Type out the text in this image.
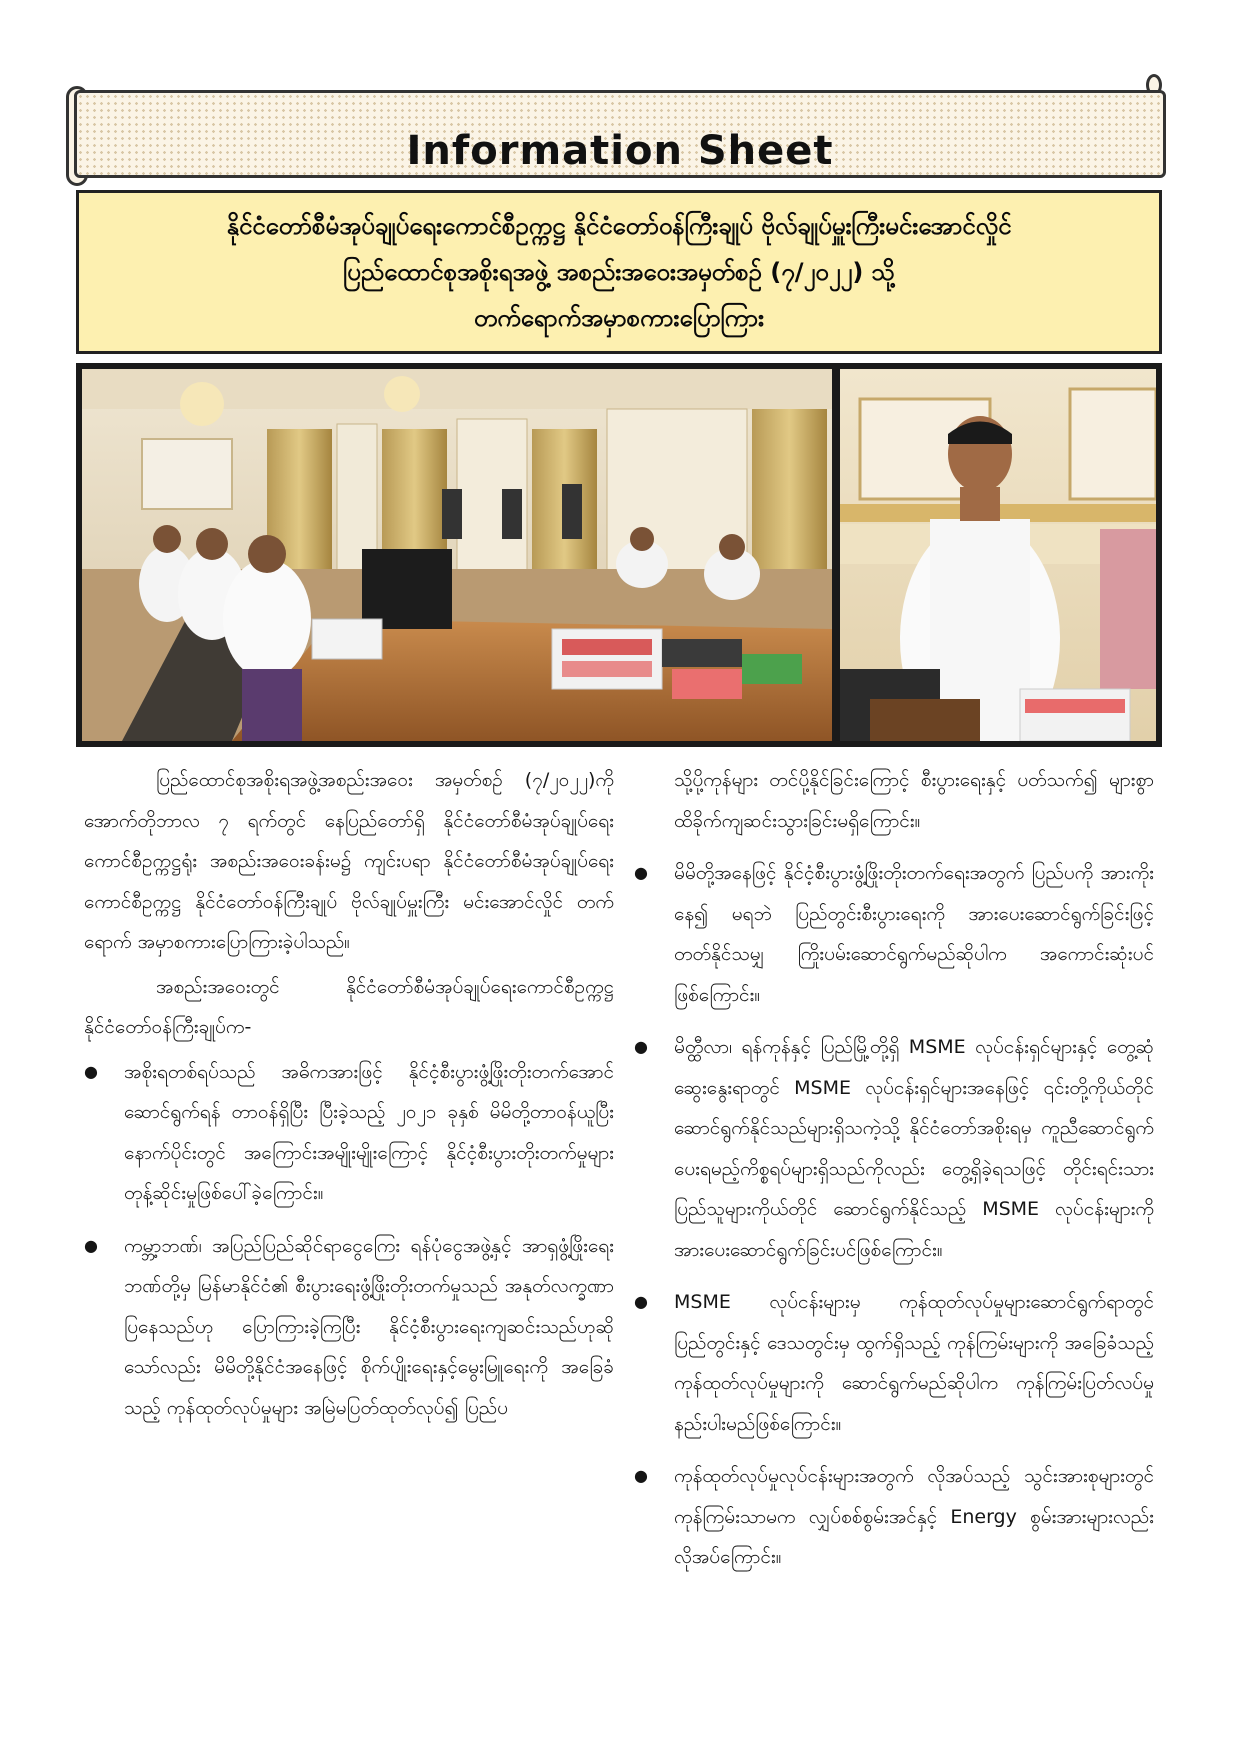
Information Sheet
နိုင်ငံတော်စီမံအုပ်ချုပ်ရေးကောင်စီဥက္ကဋ္ဌ နိုင်ငံတော်ဝန်ကြီးချုပ် ဗိုလ်ချုပ်မှူးကြီးမင်းအောင်လှိုင်
ပြည်ထောင်စုအစိုးရအဖွဲ့ အစည်းအဝေးအမှတ်စဉ် (၇/၂၀၂၂) သို့
တက်ရောက်အမှာစကားပြောကြား

ပြည်ထောင်စုအစိုးရအဖွဲ့အစည်းအဝေး အမှတ်စဉ် (၇/၂၀၂၂)ကို အောက်တိုဘာလ ၇ ရက်တွင် နေပြည်တော်ရှိ နိုင်ငံတော်စီမံအုပ်ချုပ်ရေးကောင်စီဥက္ကဋ္ဌရုံး အစည်းအဝေးခန်းမ၌ ကျင်းပရာ နိုင်ငံတော်စီမံအုပ်ချုပ်ရေးကောင်စီဥက္ကဋ္ဌ နိုင်ငံတော်ဝန်ကြီးချုပ် ဗိုလ်ချုပ်မှူးကြီး မင်းအောင်လှိုင် တက်ရောက် အမှာစကားပြောကြားခဲ့ပါသည်။

အစည်းအဝေးတွင် နိုင်ငံတော်စီမံအုပ်ချုပ်ရေးကောင်စီဥက္ကဋ္ဌ နိုင်ငံတော်ဝန်ကြီးချုပ်က-

● အစိုးရတစ်ရပ်သည် အဓိကအားဖြင့် နိုင်ငံ့စီးပွားဖွံ့ဖြိုးတိုးတက်အောင် ဆောင်ရွက်ရန် တာဝန်ရှိပြီး ပြီးခဲ့သည့် ၂၀၂၁ ခုနှစ် မိမိတို့တာဝန်ယူပြီးနောက်ပိုင်းတွင် အကြောင်းအမျိုးမျိုးကြောင့် နိုင်ငံ့စီးပွားတိုးတက်မှုများ တုန့်ဆိုင်းမှုဖြစ်ပေါ်ခဲ့ကြောင်း။

● ကမ္ဘာ့ဘဏ်၊ အပြည်ပြည်ဆိုင်ရာငွေကြေး ရန်ပုံငွေအဖွဲ့နှင့် အာရှဖွံ့ဖြိုးရေးဘဏ်တို့မှ မြန်မာနိုင်ငံ၏ စီးပွားရေးဖွံ့ဖြိုးတိုးတက်မှုသည် အနုတ်လက္ခဏာပြနေသည်ဟု ပြောကြားခဲ့ကြပြီး နိုင်ငံ့စီးပွားရေးကျဆင်းသည်ဟုဆိုသော်လည်း မိမိတို့နိုင်ငံအနေဖြင့် စိုက်ပျိုးရေးနှင့်မွေးမြူရေးကို အခြေခံသည့် ကုန်ထုတ်လုပ်မှုများ အမြဲမပြတ်ထုတ်လုပ်၍ ပြည်ပ

သို့ပို့ကုန်များ တင်ပို့နိုင်ခြင်းကြောင့် စီးပွားရေးနှင့် ပတ်သက်၍ များစွာထိခိုက်ကျဆင်းသွားခြင်းမရှိကြောင်း။

● မိမိတို့အနေဖြင့် နိုင်ငံ့စီးပွားဖွံ့ဖြိုးတိုးတက်ရေးအတွက် ပြည်ပကို အားကိုးနေ၍ မရဘဲ ပြည်တွင်းစီးပွားရေးကို အားပေးဆောင်ရွက်ခြင်းဖြင့် တတ်နိုင်သမျှ ကြိုးပမ်းဆောင်ရွက်မည်ဆိုပါက အကောင်းဆုံးပင်ဖြစ်ကြောင်း။

● မိတ္ထီလာ၊ ရန်ကုန်နှင့် ပြည်မြို့တို့ရှိ MSME လုပ်ငန်းရှင်များနှင့် တွေ့ဆုံဆွေးနွေးရာတွင် MSME လုပ်ငန်းရှင်များအနေဖြင့် ၎င်းတို့ကိုယ်တိုင်ဆောင်ရွက်နိုင်သည်များရှိသကဲ့သို့ နိုင်ငံတော်အစိုးရမှ ကူညီဆောင်ရွက်ပေးရမည့်ကိစ္စရပ်များရှိသည်ကိုလည်း တွေ့ရှိခဲ့ရသဖြင့် တိုင်းရင်းသားပြည်သူများကိုယ်တိုင် ဆောင်ရွက်နိုင်သည့် MSME လုပ်ငန်းများကို အားပေးဆောင်ရွက်ခြင်းပင်ဖြစ်ကြောင်း။

● MSME လုပ်ငန်းများမှ ကုန်ထုတ်လုပ်မှုများဆောင်ရွက်ရာတွင် ပြည်တွင်းနှင့် ဒေသတွင်းမှ ထွက်ရှိသည့် ကုန်ကြမ်းများကို အခြေခံသည့် ကုန်ထုတ်လုပ်မှုများကို ဆောင်ရွက်မည်ဆိုပါက ကုန်ကြမ်းပြတ်လပ်မှု နည်းပါးမည်ဖြစ်ကြောင်း။

● ကုန်ထုတ်လုပ်မှုလုပ်ငန်းများအတွက် လိုအပ်သည့် သွင်းအားစုများတွင် ကုန်ကြမ်းသာမက လျှပ်စစ်စွမ်းအင်နှင့် Energy စွမ်းအားများလည်း လိုအပ်ကြောင်း။
